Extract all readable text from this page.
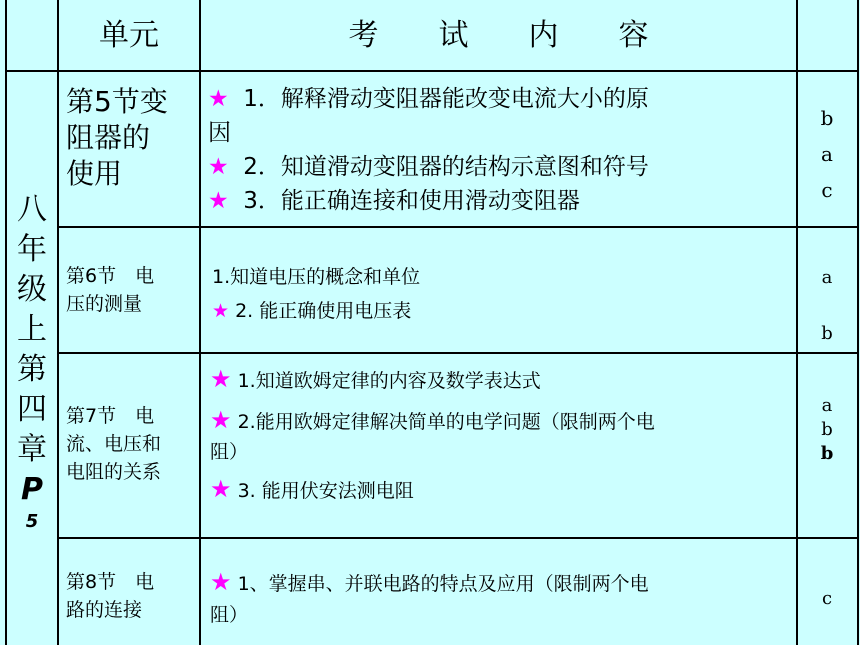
单元	考　　试　　内　　容
八
年
级
上
第
四
章
P
5
第5节变
阻器的
使用
★ 1．解释滑动变阻器能改变电流大小的原
因
★ 2．知道滑动变阻器的结构示意图和符号
★ 3．能正确连接和使用滑动变阻器
b
a
c
第6节　电
压的测量
1.知道电压的概念和单位
★ 2. 能正确使用电压表
a
b
第7节　电
流、电压和
电阻的关系
★ 1.知道欧姆定律的内容及数学表达式
★ 2.能用欧姆定律解决简单的电学问题（限制两个电
阻）
★ 3. 能用伏安法测电阻
a
b
b
第8节　电
路的连接
★ 1、掌握串、并联电路的特点及应用（限制两个电
阻）
c
